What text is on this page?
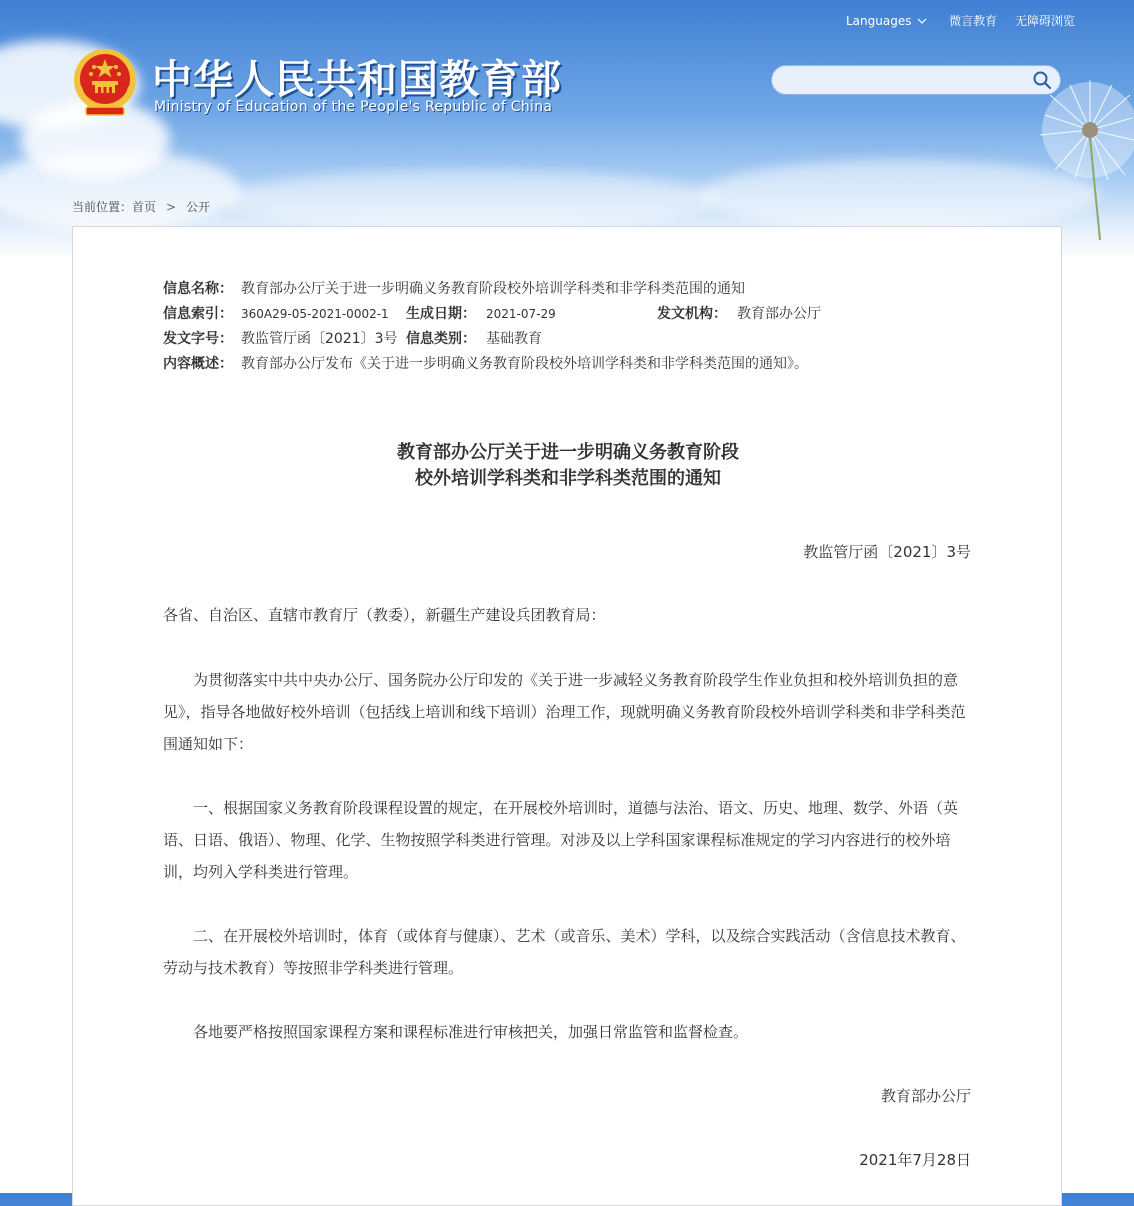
中华人民共和国教育部
Ministry of Education of the People's Republic of China
Languages	微言教育 无障碍浏览
当前位置：首页 > 公开
信息名称： 教育部办公厅关于进一步明确义务教育阶段校外培训学科类和非学科类范围的通知
信息索引： 360A29-05-2021-0002-1 生成日期： 2021-07-29	发文机构： 教育部办公厅
发文字号： 教监管厅函〔2021〕3号 信息类别： 基础教育
内容概述： 教育部办公厅发布《关于进一步明确义务教育阶段校外培训学科类和非学科类范围的通知》。
教育部办公厅关于进一步明确义务教育阶段
校外培训学科类和非学科类范围的通知
教监管厅函〔2021〕3号
各省、自治区、直辖市教育厅（教委），新疆生产建设兵团教育局：
为贯彻落实中共中央办公厅、国务院办公厅印发的《关于进一步减轻义务教育阶段学生作业负担和校外培训负担的意见》，指导各地做好校外培训（包括线上培训和线下培训）治理工作，现就明确义务教育阶段校外培训学科类和非学科类范围通知如下：
一、根据国家义务教育阶段课程设置的规定，在开展校外培训时，道德与法治、语文、历史、地理、数学、外语（英语、日语、俄语）、物理、化学、生物按照学科类进行管理。对涉及以上学科国家课程标准规定的学习内容进行的校外培训，均列入学科类进行管理。
二、在开展校外培训时，体育（或体育与健康）、艺术（或音乐、美术）学科，以及综合实践活动（含信息技术教育、劳动与技术教育）等按照非学科类进行管理。
各地要严格按照国家课程方案和课程标准进行审核把关，加强日常监管和监督检查。
教育部办公厅
2021年7月28日
